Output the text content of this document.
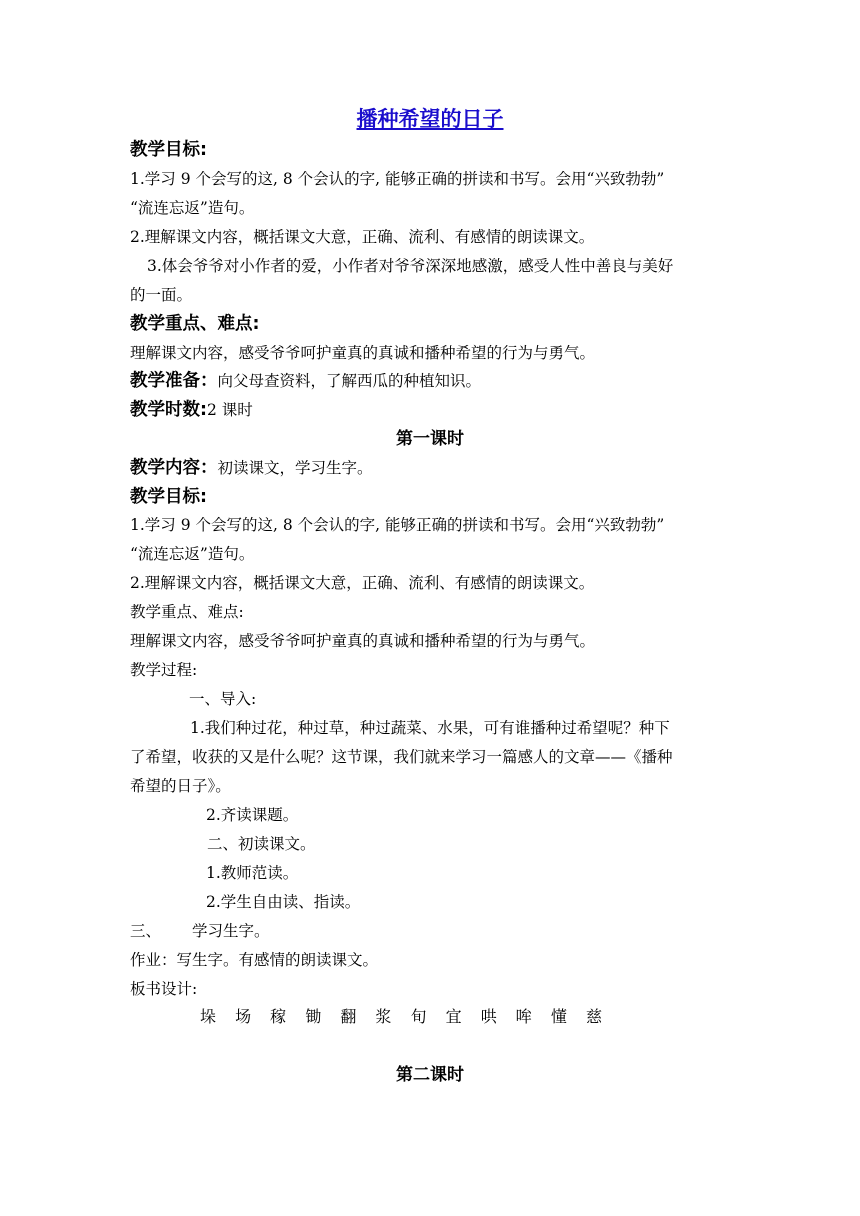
播种希望的日子
教学目标:
1.学习 9 个会写的这, 8 个会认的字, 能够正确的拼读和书写。会用“兴致勃勃”
“流连忘返”造句。
2.理解课文内容，概括课文大意，正确、流利、有感情的朗读课文。
3.体会爷爷对小作者的爱，小作者对爷爷深深地感激，感受人性中善良与美好
的一面。
教学重点、难点:
理解课文内容，感受爷爷呵护童真的真诚和播种希望的行为与勇气。
教学准备：向父母查资料，了解西瓜的种植知识。
教学时数:2 课时
第一课时
教学内容：初读课文，学习生字。
教学目标:
1.学习 9 个会写的这, 8 个会认的字, 能够正确的拼读和书写。会用“兴致勃勃”
“流连忘返”造句。
2.理解课文内容，概括课文大意，正确、流利、有感情的朗读课文。
教学重点、难点:
理解课文内容，感受爷爷呵护童真的真诚和播种希望的行为与勇气。
教学过程:
一、导入:
1.我们种过花，种过草，种过蔬菜、水果，可有谁播种过希望呢？种下
了希望，收获的又是什么呢？这节课，我们就来学习一篇感人的文章——《播种
希望的日子》。
2.齐读课题。
二、初读课文。
1.教师范读。
2.学生自由读、指读。
三、 学习生字。
作业：写生字。有感情的朗读课文。
板书设计:
垛 场 稼 锄 翻 浆 旬 宜 哄 哞 懂 慈
第二课时
